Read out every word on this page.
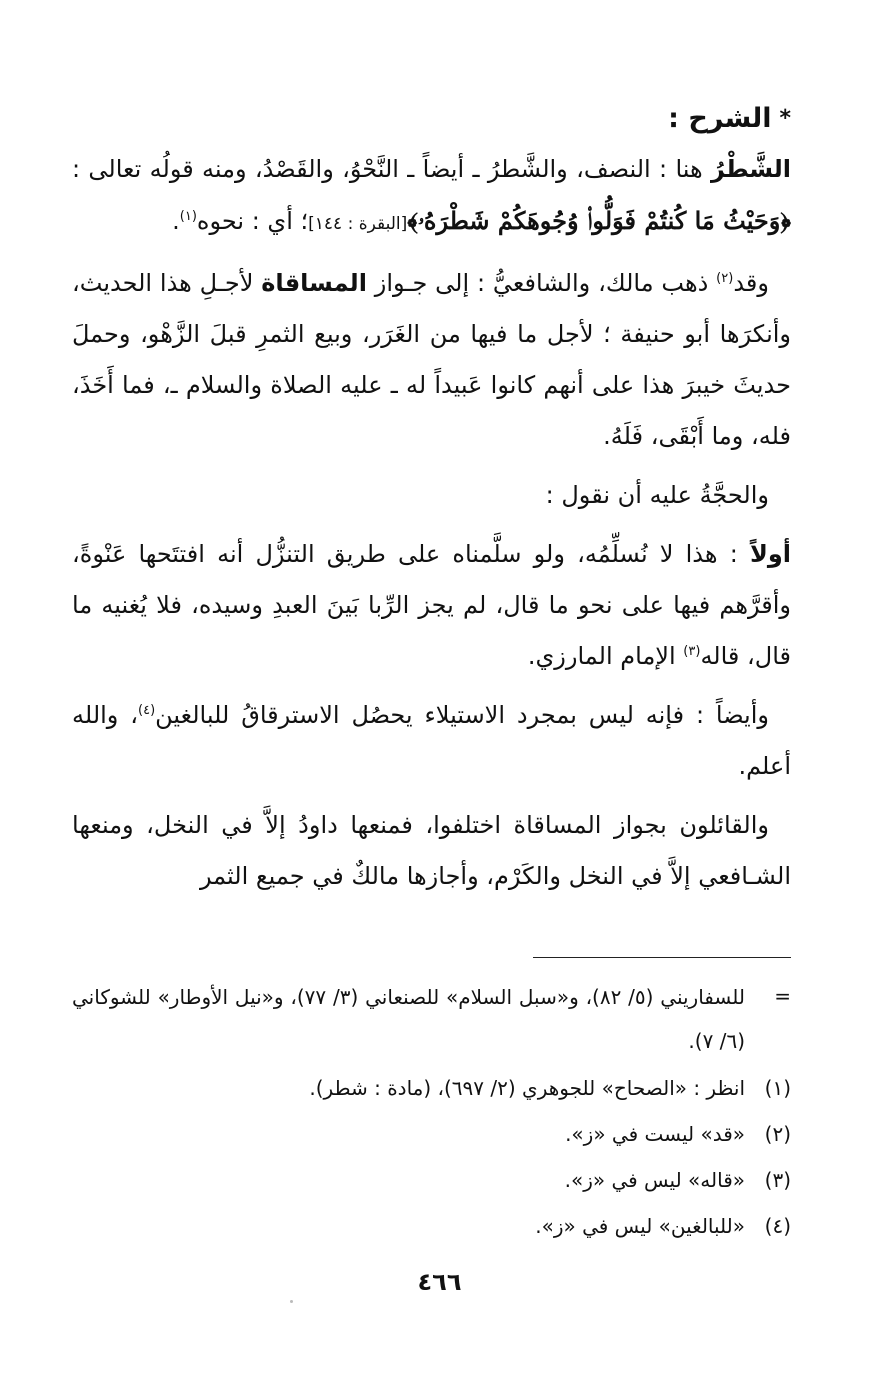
*
الشرح :

الشَّطْرُ هنا : النصف، والشَّطرُ ـ أيضاً ـ النَّحْوُ، والقَصْدُ، ومنه قولُه تعالى : ﴿وَحَيْثُ مَا كُنتُمْ فَوَلُّوا۟ وُجُوهَكُمْ شَطْرَهُۥ﴾[البقرة : ١٤٤]؛ أي : نحوه$^{(١)}$.

وقد$^{(٢)}$ ذهب مالك، والشافعيُّ : إلى جـواز المساقاة لأجـلِ هذا الحديث، وأنكرَها أبو حنيفة ؛ لأجل ما فيها من الغَرَر، وبيع الثمرِ قبلَ الزَّهْو، وحملَ حديثَ خيبرَ هذا على أنهم كانوا عَبيداً له ـ عليه الصلاة والسلام ـ، فما أَخَذَ، فله، وما أَبْقَى، فَلَهُ.

والحجَّةُ عليه أن نقول :

أولاً : هذا لا نُسلِّمُه، ولو سلَّمناه على طريق التنزُّل أنه افتتَحها عَنْوةً، وأقرَّهم فيها على نحو ما قال، لم يجز الرِّبا بَينَ العبدِ وسيده، فلا يُغنيه ما قال، قاله$^{(٣)}$ الإمام المارزي.

وأيضاً : فإنه ليس بمجرد الاستيلاء يحصُل الاسترقاقُ للبالغين$^{(٤)}$، والله أعلم.

والقائلون بجواز المساقاة اختلفوا، فمنعها داودُ إلاَّ في النخل، ومنعها الشـافعي إلاَّ في النخل والكَرْم، وأجازها مالكٌ في جميع الثمر

=
للسفاريني (٥/ ٨٢)، و«سبل السلام» للصنعاني (٣/ ٧٧)، و«نيل الأوطار» للشوكاني (٦/ ٧).
(١)
انظر : «الصحاح» للجوهري (٢/ ٦٩٧)، (مادة : شطر).
(٢)
«قد» ليست في «ز».
(٣)
«قاله» ليس في «ز».
(٤)
«للبالغين» ليس في «ز».
٤٦٦
